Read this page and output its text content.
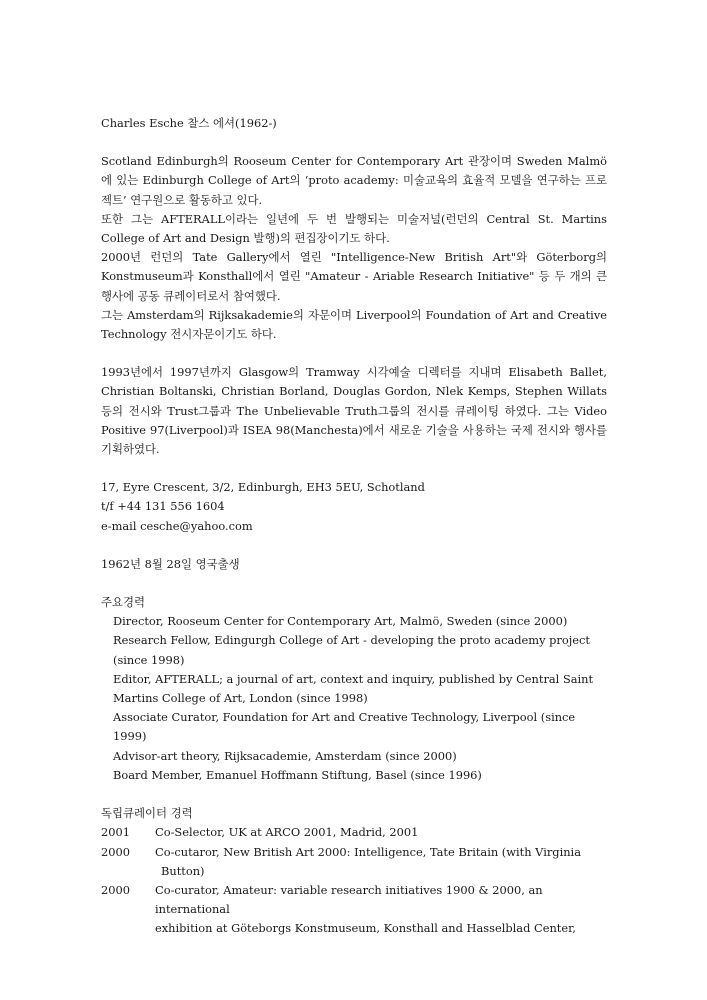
Charles Esche 찰스 에셔(1962-)

Scotland Edinburgh의 Rooseum Center for Contemporary Art 관장이며 Sweden Malmö에 있는 Edinburgh College of Art의 ‘proto academy: 미술교육의 효율적 모델을 연구하는 프로젝트’ 연구원으로 활동하고 있다.

또한 그는 AFTERALL이라는 일년에 두 번 발행되는 미술저널(런던의 Central St. Martins College of Art and Design 발행)의 편집장이기도 하다.

2000년 런던의 Tate Gallery에서 열린 "Intelligence-New British Art"와 Göterborg의 Konstmuseum과 Konsthall에서 열린 "Amateur - Ariable Research Initiative" 등 두 개의 큰 행사에 공동 큐레이터로서 참여했다.

그는 Amsterdam의 Rijksakademie의 자문이며 Liverpool의 Foundation of Art and Creative Technology 전시자문이기도 하다.

1993년에서 1997년까지 Glasgow의 Tramway 시각예술 디렉터를 지내며 Elisabeth Ballet, Christian Boltanski, Christian Borland, Douglas Gordon, Nlek Kemps, Stephen Willats등의 전시와 Trust그룹과 The Unbelievable Truth그룹의 전시를 큐레이팅 하였다. 그는 Video Positive 97(Liverpool)과 ISEA 98(Manchesta)에서 새로운 기술을 사용하는 국제 전시와 행사를 기획하였다.

17, Eyre Crescent, 3/2, Edinburgh, EH3 5EU, Schotland
t/f +44 131 556 1604
e-mail cesche@yahoo.com
1962년 8월 28일 영국출생
주요경력
Director, Rooseum Center for Contemporary Art, Malmö, Sweden (since 2000)
Research Fellow, Edingurgh College of Art - developing the proto academy project
(since 1998)
Editor, AFTERALL; a journal of art, context and inquiry, published by Central Saint
Martins College of Art, London (since 1998)
Associate Curator, Foundation for Art and Creative Technology, Liverpool (since 1999)
Advisor-art theory, Rijksacademie, Amsterdam (since 2000)
Board Member, Emanuel Hoffmann Stiftung, Basel (since 1996)
독립큐레이터 경력
2001	Co-Selector, UK at ARCO 2001, Madrid, 2001
2000	Co-cutaror, New British Art 2000: Intelligence, Tate Britain (with Virginia
Button)
2000	Co-curator, Amateur: variable research initiatives 1900 & 2000, an international
exhibition at Göteborgs Konstmuseum, Konsthall and Hasselblad Center,
